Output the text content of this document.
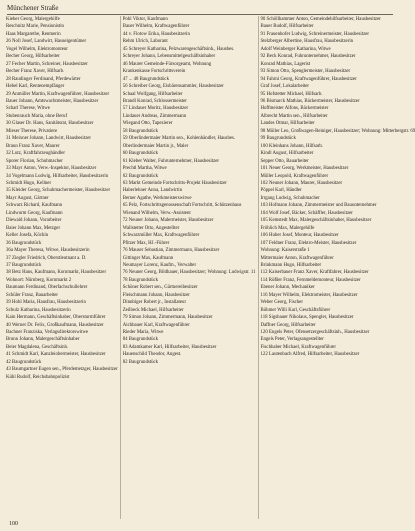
Münchener Straße
Kieher Georg, Malergehilfe
Reschnitz Marie, Pensionistin
Haas Margarethe, Rentnerin
26 Noll Josef, Landwirt, Hauseigentümer
Vogel Wilhelm, Elektromonteur
Becher Georg, Hilfsarbeiter
27 Fecher Martin, Schreiner, Hausbesitzer
Becher Franz Xaver, Hilfsarb.
28 Raudinger Ferdinand, Pferdewärter
Hebel Karl, Rentenempfänger
29 Anmüller Martin, Kraftwagenführer, Hausbesitzer
Bauer Johann, Amtswachtmeister, Hausbesitzer
Scharl Therese, Witwe
Stubenrauch Maria, ohne Beruf
30 Glaser Dr. Hans, Sanitätsrat, Hausbesitzer
Mieser Therese, Privatiere
31 Meixner Johann, Landwirt, Hausbesitzer
Braun Franz Xaver, Maurer
32 Lutz, Kraftfahrzeughändler
Sporer Florian, Schuhmacher
33 Mayr Anton, Verw.-Inspektor, Hausbesitzer
34 Vogelmann Ludwig, Hilfsarbeiter, Hausbesitzerin
Schmidt Hugo, Kellner
35 Kleider Georg, Schuhmachermeister, Hausbesitzer
Mayr August, Gärtner
Schwarz Richard, Kaufmann
Lindwurm Georg, Kaufmann
Diewald Johann, Vorarbeiter
Baier Johann Max, Metzger
Keller Josefa, Köchin
36 Baugrundstück
36a Mayer Theresa, Witwe, Hausbesitzerin
37 Ziegler Friedrich, Oberstleutnant a. D.
37 Baugrundstück
38 Betz Hans, Kaufmann, Kornmarkt, Hausbesitzer
Wohnort: Nürnberg, Kornmarkt 2
Baumann Ferdinand, Oberfachschullehrer
Schüler Franz, Bauarbeiter
39 Hohl Maria, Hausfrau, Hausbesitzerin
Schulz Katharina, Hausbesitzerin
Kain Hermann, Geschäftsinhaber, Obersturmführer
40 Werner Dr. Felix, Großkaufmann, Hausbesitzer
Bachner Franziska, Verlagsdirektorswitwe
Brunn Johann, Malergeschäftsinhaber
Beier Magdalena, Geschäftsinh.
41 Schmidt Karl, Kanzleiobermeister, Hausbesitzer
42 Baugrundstück
43 Baumgartner Eugen sen., Pferdemetzger, Hausbesitzer
Kühl Rudolf, Reichsbahnpolizist
Pohl Viktor, Kaufmann
Bauer Wilhelm, Kraftwagenführer
44 v. Flotow Erika, Hausbesitzerin
Rehm Ulrich, Laborant
45 Schreyer Katharina, Pelzwarengeschäftsinh., Hausbes.
Schreyer Johann, Lebensmittelgeschäftsinhaber
46 Maurer Gemeinde-Fürsorgeamt, Wohnung
Krankenkasse Fortschrittsverein
47 ... 48 Baugrundstück
56 Schreiber Georg, Eisbärensammler, Hausbesitzer
Schaal Wolfgang, Hilfsarbeiter
Brandl Konrad, Schlossermeister
57 Lindauer Moritz, Hausbesitzer
Lindauer Andreas, Zimmermann
Wiegand Otto, Tapezierer
58 Baugrundstück
59 Oberlindermaier Martin sen., Kohlenhändler, Hausbes.
Oberlindermaier Martin jr., Maler
60 Baugrundstück
61 Kleber Walter, Fuhrunternehmer, Hausbesitzer
Prechtl Martha, Witwe
62 Baugrundstück
63 Markt Gemeinde Fortschritts-Projekt Hausbesitzer
Haberlehner Anna, Landwirtin
Berner Agathe, Werkmeisterswitwe
65 Pelz, Fortschrittsgenossenschaft Fortschritt, Schützenhaus
Wienand Wilhelm, Verw.-Assistent
72 Neuner Johann, Malermeister, Hausbesitzer
Wallstetter Otto, Angestellter
Schwarzmüller Max, Kraftwagenführer
Pfitzer Max, HJ.-Führer
76 Mauser Sebastian, Zimmermann, Hausbesitzer
Gittinger Max, Kaufmann
Neumayer Lorenz, Kaufm., Verwalter
76 Neuner Georg, Bildhauer, Hausbesitzer; Wohnung: Ludwigstr. 11
78 Baugrundstück
Schöner Robert sen., Gärtnereibesitzer
Fleischmann Johann, Hausbesitzer
Dinnbiger Robert jr., Installateur
Zeilbeck Michael, Hilfsarbeiter
79 Simon Johann, Zimmermann, Hausbesitzer
Aichbauer Karl, Kraftwagenführer
Rieder Maria, Witwe
84 Baugrundstück
83 Adamkamer Karl, Hilfsarbeiter, Hausbesitzer
Hauenschild Theodor, Angest.
82 Baugrundstück
90 Schöllhammer Anton, Gemeindehilfsarbeiter, Hausbesitzer
Bauer Rudolf, Hilfsarbeiter
91 Frauenhofer Ludwig, Schreinermeister, Hausbesitzer
Stelzberger Albertine, Hausfrau, Hausbesitzerin
Adolf Weinberger Katharina, Witwe
92 Beck Konrad, Fuhrunternehmer, Hausbesitzer
Konrad Mathias, Lagerist
93 Simon Otto, Spenglermeister, Hausbesitzer
94 Fahrni Georg, Kraftwagenführer, Hausbesitzer
Graf Josef, Lokalarbeiter
95 Hofstetter Michael, Hilfsarb.
96 Bismarck Mathias, Bäckermeister, Hausbesitzer
Hoffmeister Alfons, Bäckermeister
Albrecht Martin sen., Hilfsarbeiter
Landes Otmar, Hilfsarbeiter
98 Müller Leo, Großwagen-Reiniger, Hausbesitzer; Wohnung: Mitterbergstr. 69
99 Baugrundstück
100 Kleinhans Johann, Hilfsarb.
Kindl August, Hilfsarbeiter
Sepper Otto, Bauarbeiter
101 Neuer Georg, Werkmeister, Hausbesitzer
Müller Leopold, Kraftwagenführer
102 Neuner Johann, Maurer, Hausbesitzer
Pöppel Karl, Händler
Irrgang Ludwig, Schuhmacher
103 Hofmann Johann, Zimmermeister und Bauunternehmer
104 Wolf Josef, Bäcker, Schäffler, Hausbesitzer
105 Kemstedt Max, Malergeschäftsinhaber, Hausbesitzer
Fröhlich Max, Malergehilfe
106 Huber Josef, Monteur, Hausbesitzer
107 Feldner Franz, Elektro-Meister, Hausbesitzer
Wohnung: Kaiserstraße 1
Mittermaier Anton, Kraftwagenführer
Brinkmann Hugo, Hilfsarbeiter
112 Kaiserbauer Franz Xaver, Kraftfahrer, Hausbesitzer
114 Rößler Franz, Fernmeldemonteur, Hausbesitzer
Ebener Johann, Mechaniker
116 Mayer Wilhelm, Elektromeister, Hausbesitzer
Weber Georg, Fischer
Böhmer Willi Karl, Geschäftsführer
118 Sigsbauer Nikolaus, Spengler, Hausbesitzer
Daffner Georg, Hilfsarbeiter
120 Engels Peter, Ofensetzergeschäftsinh., Hausbesitzer
Engels Peter, Verlagsangestellter
Fischhaber Michael, Kraftwagenführer
122 Lautenbach Alfred, Hilfsarbeiter, Hausbesitzer
100
